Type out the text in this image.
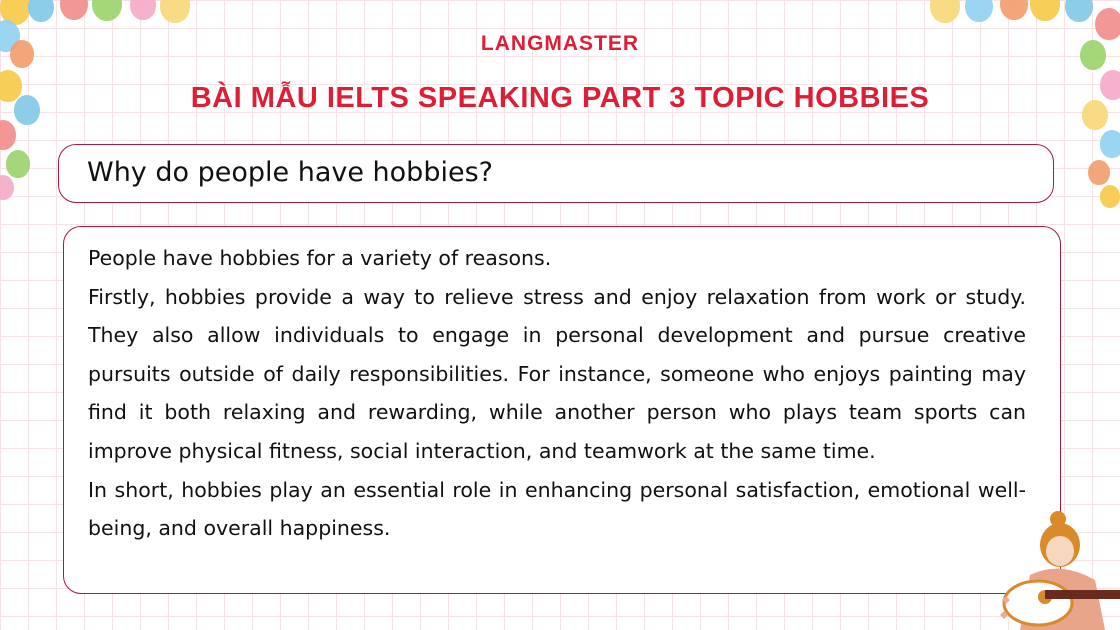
LANGMASTER
BÀI MẪU IELTS SPEAKING PART 3 TOPIC HOBBIES
Why do people have hobbies?

People have hobbies for a variety of reasons.

Firstly, hobbies provide a way to relieve stress and enjoy relaxation from work or study. They also allow individuals to engage in personal development and pursue creative pursuits outside of daily responsibilities. For instance, someone who enjoys painting may find it both relaxing and rewarding, while another person who plays team sports can improve physical fitness, social interaction, and teamwork at the same time.

In short, hobbies play an essential role in enhancing personal satisfaction, emotional well-being, and overall happiness.
